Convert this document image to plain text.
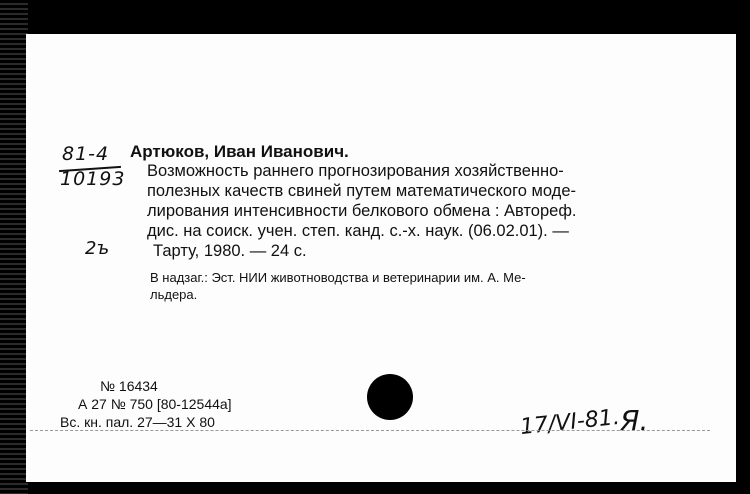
81-4
10193
2ъ
Артюков, Иван Иванович.
Возможность раннего прогнозирования хозяйственно-
полезных качеств свиней путем математического моде-
лирования интенсивности белкового обмена : Автореф.
дис. на соиск. учен. степ. канд. с.-х. наук. (06.02.01). —
Тарту, 1980. — 24 с.
В надзаг.: Эст. НИИ животноводства и ветеринарии им. А. Ме-
льдера.
№ 16434
А 27 № 750 [80-12544а]
Вс. кн. пал. 27—31 X 80	17/VI-81. Я.
